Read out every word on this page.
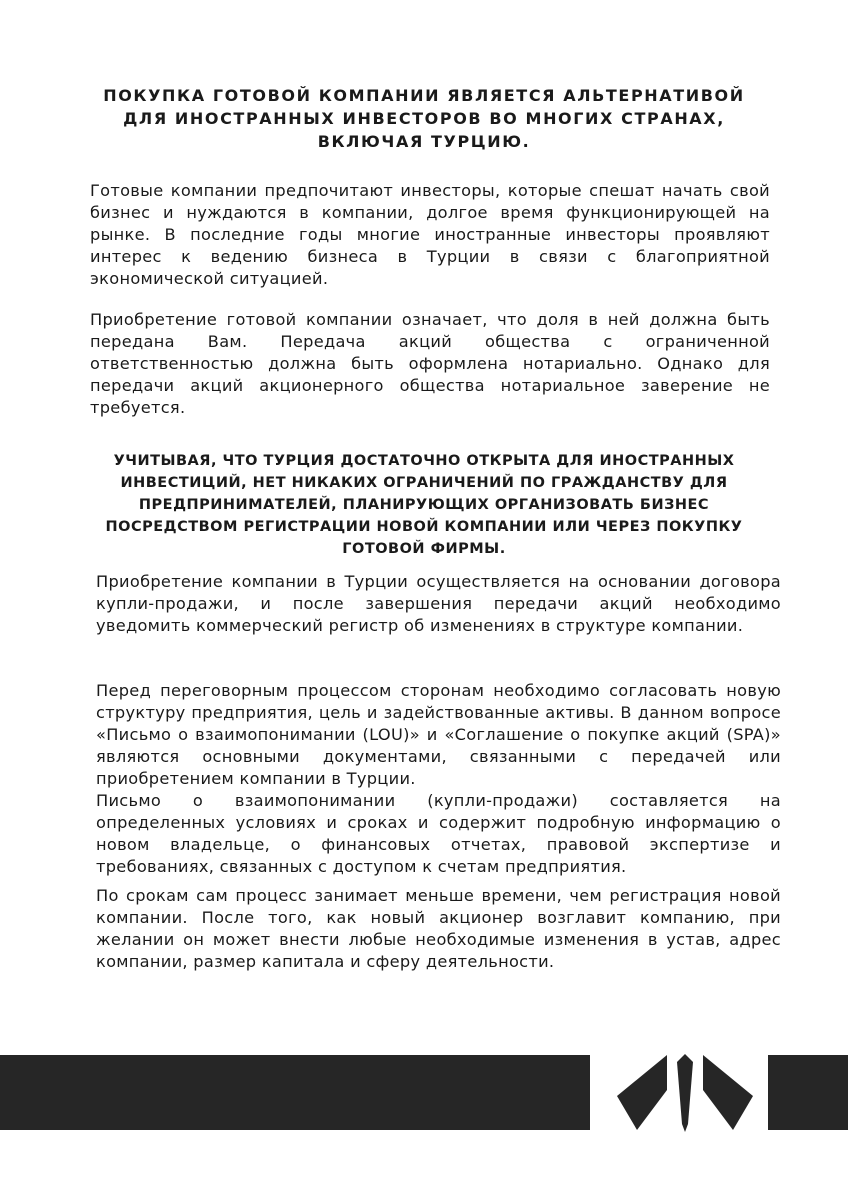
ПОКУПКА ГОТОВОЙ КОМПАНИИ ЯВЛЯЕТСЯ АЛЬТЕРНАТИВОЙ ДЛЯ ИНОСТРАННЫХ ИНВЕСТОРОВ ВО МНОГИХ СТРАНАХ, ВКЛЮЧАЯ ТУРЦИЮ.

Готовые компании предпочитают инвесторы, которые спешат начать свой бизнес и нуждаются в компании, долгое время функционирующей на рынке. В последние годы многие иностранные инвесторы проявляют интерес к ведению бизнеса в Турции в связи с благоприятной экономической ситуацией.

Приобретение готовой компании означает, что доля в ней должна быть передана Вам. Передача акций общества с ограниченной ответственностью должна быть оформлена нотариально. Однако для передачи акций акционерного общества нотариальное заверение не требуется.

УЧИТЫВАЯ, ЧТО ТУРЦИЯ ДОСТАТОЧНО ОТКРЫТА ДЛЯ ИНОСТРАННЫХ ИНВЕСТИЦИЙ, НЕТ НИКАКИХ ОГРАНИЧЕНИЙ ПО ГРАЖДАНСТВУ ДЛЯ ПРЕДПРИНИМАТЕЛЕЙ, ПЛАНИРУЮЩИХ ОРГАНИЗОВАТЬ БИЗНЕС ПОСРЕДСТВОМ РЕГИСТРАЦИИ НОВОЙ КОМПАНИИ ИЛИ ЧЕРЕЗ ПОКУПКУ ГОТОВОЙ ФИРМЫ.

Приобретение компании в Турции осуществляется на основании договора купли-продажи, и после завершения передачи акций необходимо уведомить коммерческий регистр об изменениях в структуре компании.

Перед переговорным процессом сторонам необходимо согласовать новую структуру предприятия, цель и задействованные активы. В данном вопросе «Письмо о взаимопонимании (LOU)» и «Соглашение о покупке акций (SPA)» являются основными документами, связанными с передачей или приобретением компании в Турции.
Письмо о взаимопонимании (купли-продажи) составляется на определенных условиях и сроках и содержит подробную информацию о новом владельце, о финансовых отчетах, правовой экспертизе и требованиях, связанных с доступом к счетам предприятия.

По срокам сам процесс занимает меньше времени, чем регистрация новой компании. После того, как новый акционер возглавит компанию, при желании он может внести любые необходимые изменения в устав, адрес компании, размер капитала и сферу деятельности.
